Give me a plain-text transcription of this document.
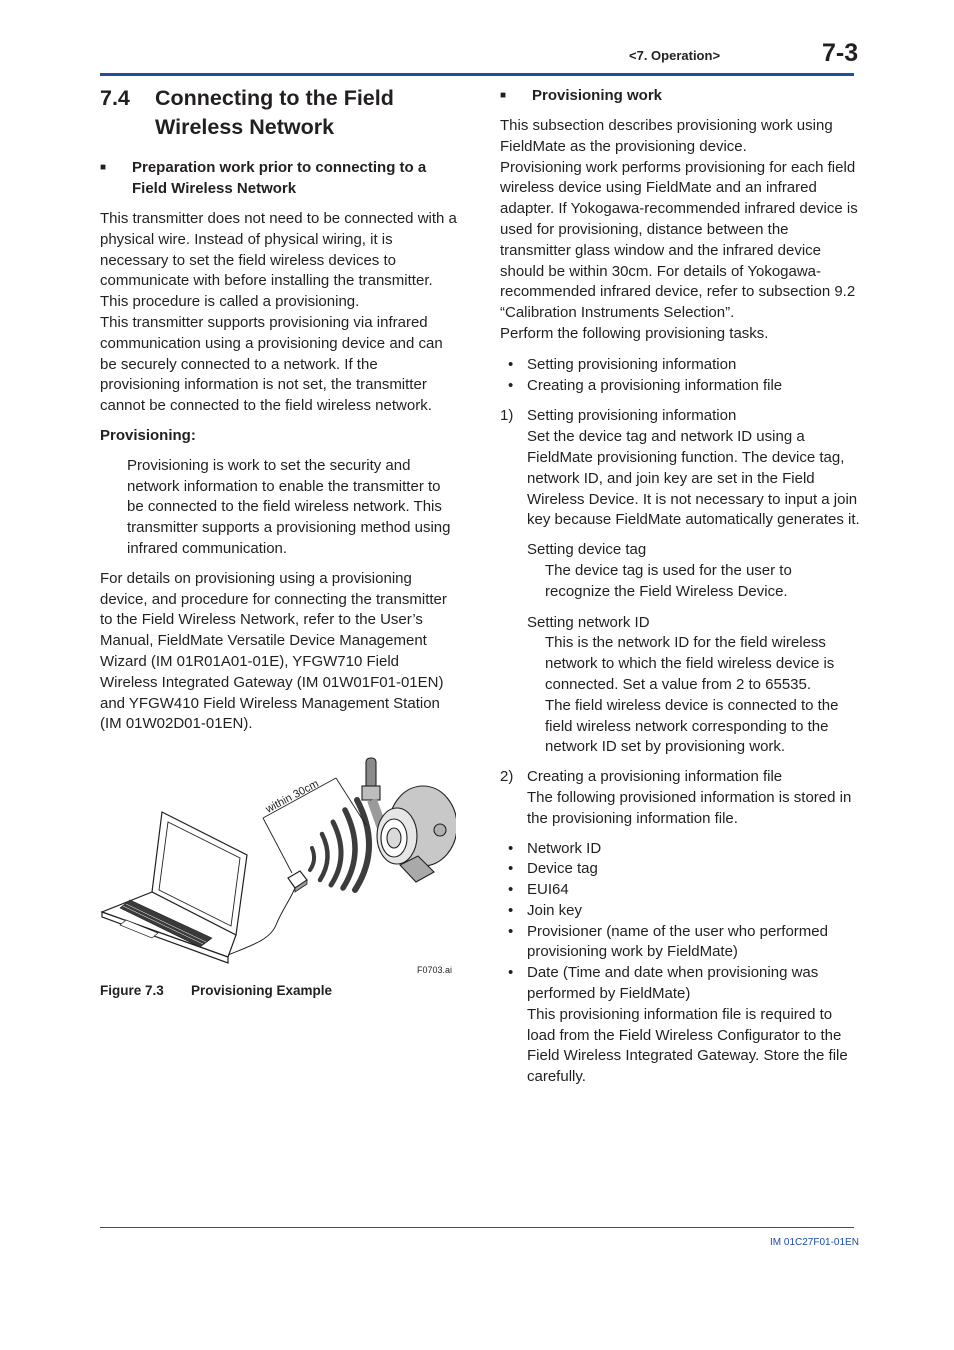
<7. Operation>	7-3
7.4	Connecting to the Field Wireless Network
■	Preparation work prior to connecting to a Field Wireless Network

This transmitter does not need to be connected with a physical wire. Instead of physical wiring, it is necessary to set the field wireless devices to communicate with before installing the transmitter. This procedure is called a provisioning.

This transmitter supports provisioning via infrared communication using a provisioning device and can be securely connected to a network. If the provisioning information is not set, the transmitter cannot be connected to the field wireless network.

Provisioning:

Provisioning is work to set the security and network information to enable the transmitter to be connected to the field wireless network. This transmitter supports a provisioning method using infrared communication.

For details on provisioning using a provisioning device, and procedure for connecting the transmitter to the Field Wireless Network, refer to the User’s Manual, FieldMate Versatile Device Management Wizard (IM 01R01A01-01E), YFGW710 Field Wireless Integrated Gateway (IM 01W01F01-01EN) and YFGW410 Field Wireless Management Station (IM 01W02D01-01EN).

within 30cm
F0703.ai
Figure 7.3 Provisioning Example
■	Provisioning work

This subsection describes provisioning work using FieldMate as the provisioning device.

Provisioning work performs provisioning for each field wireless device using FieldMate and an infrared adapter. If Yokogawa-recommended infrared device is used for provisioning, distance between the transmitter glass window and the infrared device should be within 30cm. For details of Yokogawa-recommended infrared device, refer to subsection 9.2 “Calibration Instruments Selection”.

Perform the following provisioning tasks.

• Setting provisioning information
• Creating a provisioning information file
1) Setting provisioning information

Set the device tag and network ID using a FieldMate provisioning function. The device tag, network ID, and join key are set in the Field Wireless Device. It is not necessary to input a join key because FieldMate automatically generates it.

Setting device tag

The device tag is used for the user to recognize the Field Wireless Device.

Setting network ID

This is the network ID for the field wireless network to which the field wireless device is connected. Set a value from 2 to 65535.

The field wireless device is connected to the field wireless network corresponding to the network ID set by provisioning work.

2) Creating a provisioning information file

The following provisioned information is stored in the provisioning information file.

• Network ID
• Device tag
• EUI64
• Join key
• Provisioner (name of the user who performed provisioning work by FieldMate)
• Date (Time and date when provisioning was performed by FieldMate)

This provisioning information file is required to load from the Field Wireless Configurator to the Field Wireless Integrated Gateway. Store the file carefully.

IM 01C27F01-01EN
